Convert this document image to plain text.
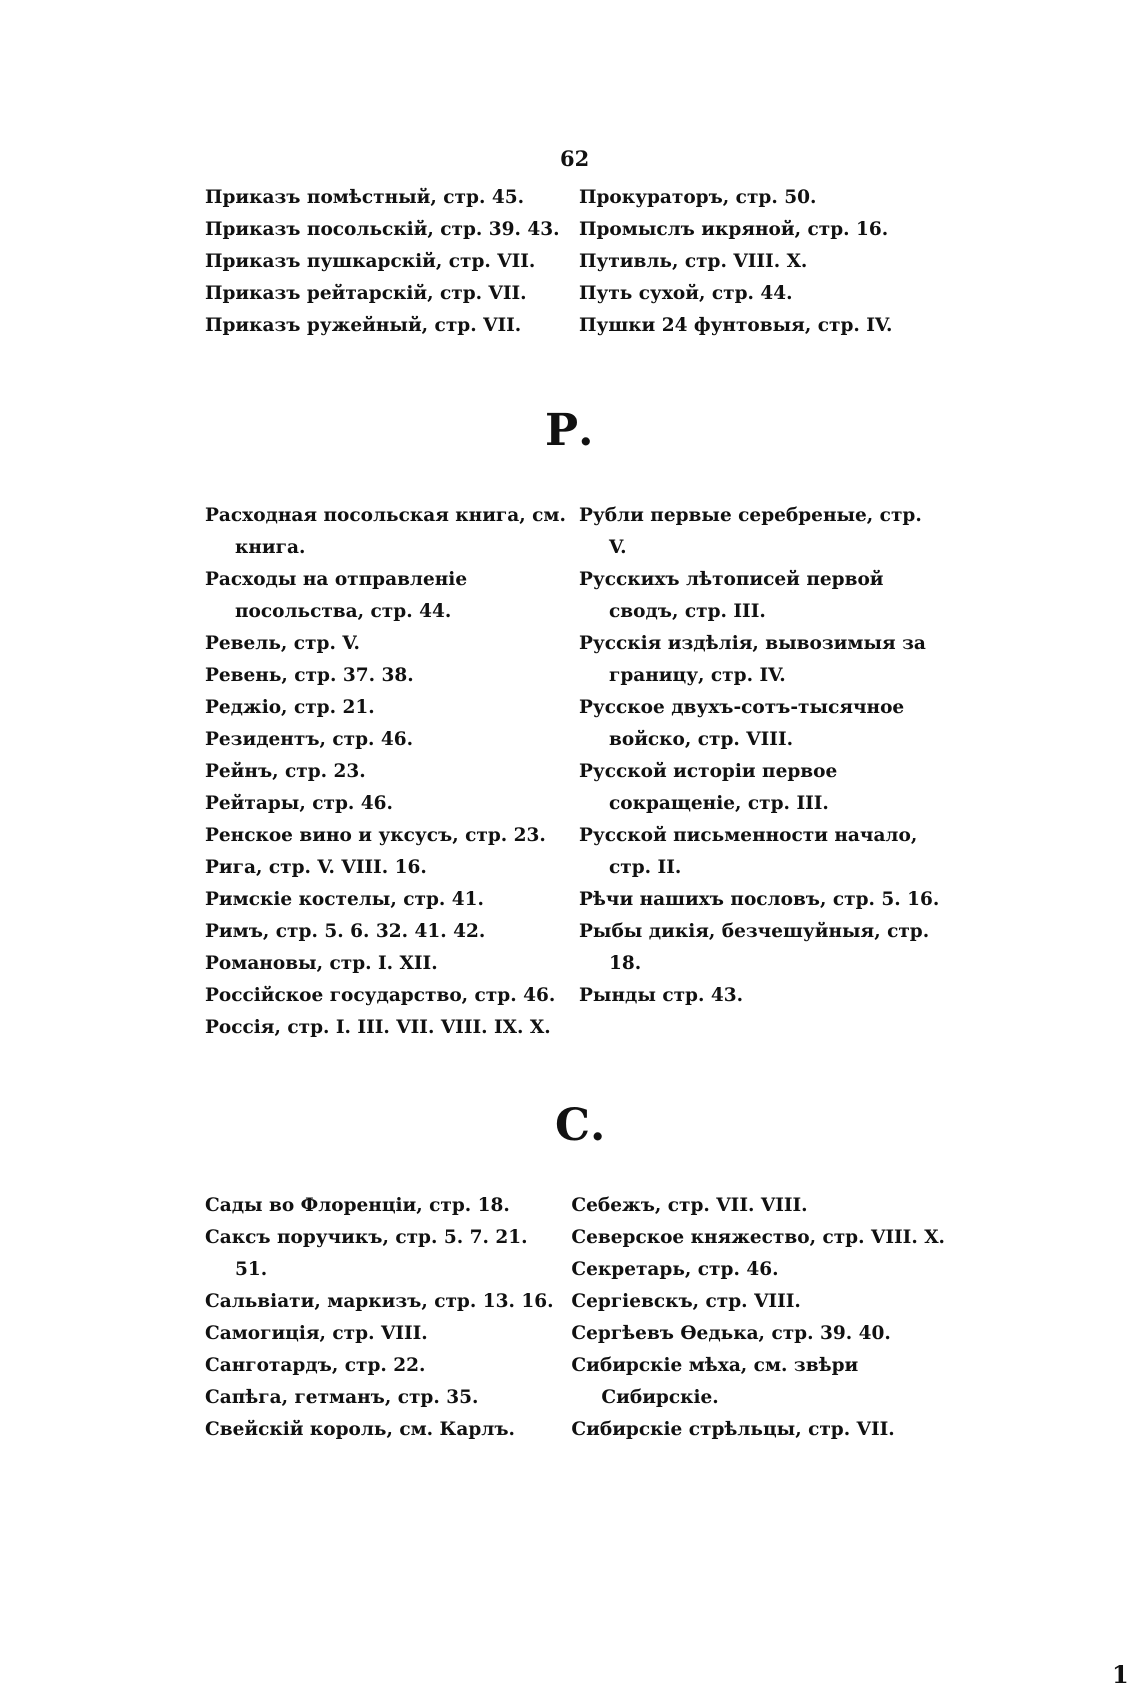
62
Приказъ помѣстный, стр. 45.
Приказъ посольскій, стр. 39. 43.
Приказъ пушкарскій, стр. VII.
Приказъ рейтарскій, стр. VII.
Приказъ ружейный, стр. VII.
Прокураторъ, стр. 50.
Промыслъ икряной, стр. 16.
Путивль, стр. VIII. X.
Путь сухой, стр. 44.
Пушки 24 фунтовыя, стр. IV.
Р.
Расходная посольская книга, см. книга.
Расходы на отправленіе посольства, стр. 44.
Ревель, стр. V.
Ревень, стр. 37. 38.
Реджіо, стр. 21.
Резидентъ, стр. 46.
Рейнъ, стр. 23.
Рейтары, стр. 46.
Ренское вино и уксусъ, стр. 23.
Рига, стр. V. VIII. 16.
Римскіе костелы, стр. 41.
Римъ, стр. 5. 6. 32. 41. 42.
Романовы, стр. I. XII.
Россійское государство, стр. 46.
Россія, стр. I. III. VII. VIII. IX. X.
Рубли первые серебреные, стр. V.
Русскихъ лѣтописей первой сводъ, стр. III.
Русскія издѣлія, вывозимыя за границу, стр. IV.
Русское двухъ-сотъ-тысячное войско, стр. VIII.
Русской исторіи первое сокращеніе, стр. III.
Русской письменности начало, стр. II.
Рѣчи нашихъ пословъ, стр. 5. 16.
Рыбы дикія, безчешуйныя, стр. 18.
Рынды стр. 43.
С.
Сады во Флоренціи, стр. 18.
Саксъ поручикъ, стр. 5. 7. 21. 51.
Сальвіати, маркизъ, стр. 13. 16.
Самогиція, стр. VIII.
Санготардъ, стр. 22.
Сапѣга, гетманъ, стр. 35.
Свейскій король, см. Карлъ.
Себежъ, стр. VII. VIII.
Северское княжество, стр. VIII. X.
Секретарь, стр. 46.
Сергіевскъ, стр. VIII.
Сергѣевъ Өедька, стр. 39. 40.
Сибирскіе мѣха, см. звѣри Сибирскіе.
Сибирскіе стрѣльцы, стр. VII.
1
